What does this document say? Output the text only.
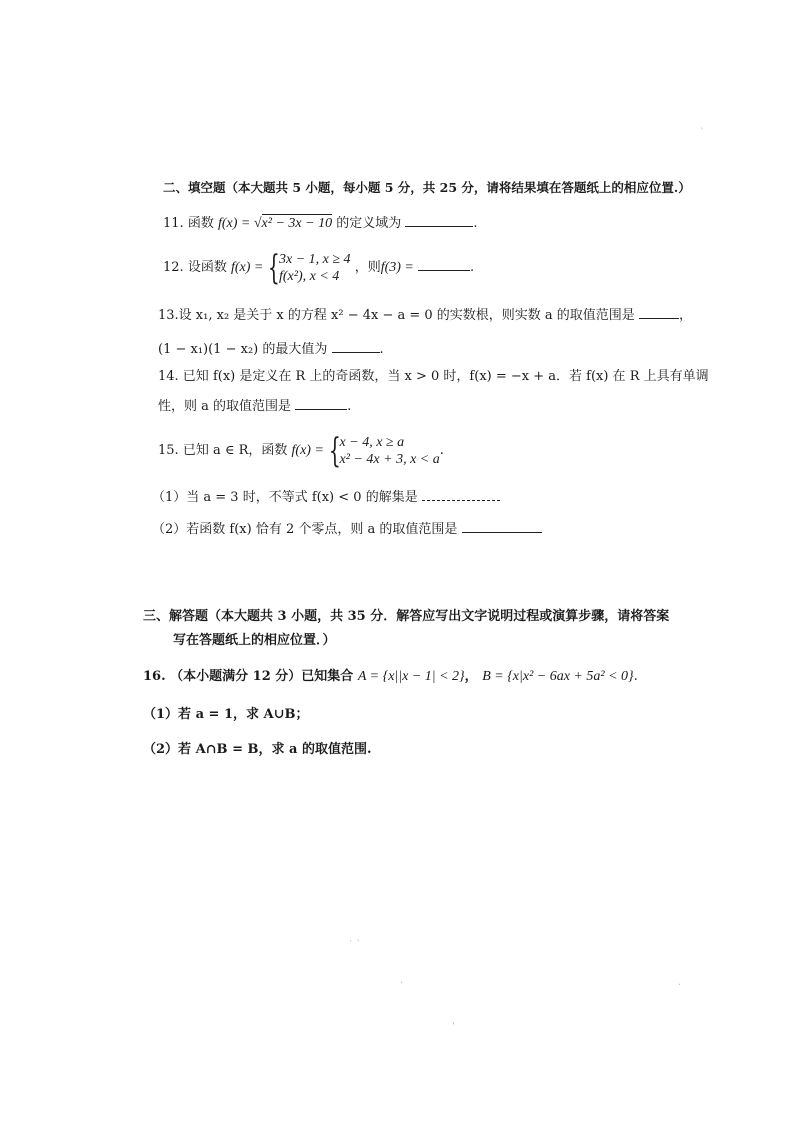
二、填空题（本大题共 5 小题，每小题 5 分，共 25 分，请将结果填在答题纸上的相应位置.）
11. 函数 f(x) = √x² − 3x − 10 的定义域为	.
12. 设函数 f(x) = {3x − 1, x ≥ 4
f(x²), x < 4 ，则f(3) =	.
13.设 x₁, x₂ 是关于 x 的方程 x² − 4x − a = 0 的实数根，则实数 a 的取值范围是	，
(1 − x₁)(1 − x₂) 的最大值为	.
14. 已知 f(x) 是定义在 R 上的奇函数，当 x > 0 时，f(x) = −x + a．若 f(x) 在 R 上具有单调
性，则 a 的取值范围是	.
15. 已知 a ∈ R，函数 f(x) = {x − 4, x ≥ a
x² − 4x + 3, x < a.
（1）当 a = 3 时，不等式 f(x) < 0 的解集是
（2）若函数 f(x) 恰有 2 个零点，则 a 的取值范围是
三、解答题（本大题共 3 小题，共 35 分．解答应写出文字说明过程或演算步骤，请将答案
写在答题纸上的相应位置．）
16. （本小题满分 12 分）已知集合 A = {x||x − 1| < 2}， B = {x|x² − 6ax + 5a² < 0}.
（1）若 a = 1，求 A∪B；
（2）若 A∩B = B，求 a 的取值范围.
ˋ
˙ ˋ
·	·
ˈ
